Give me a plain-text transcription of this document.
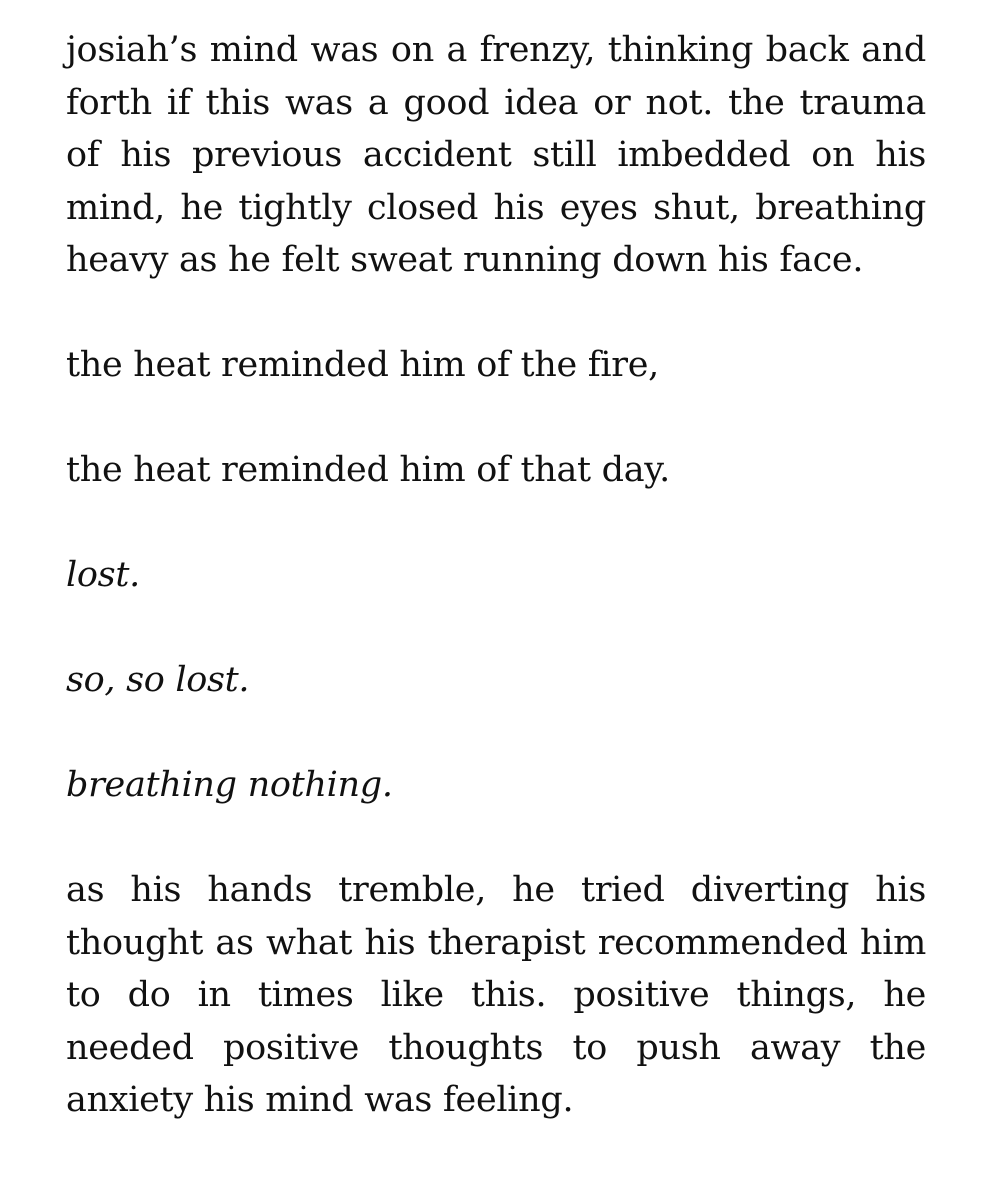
josiah’s mind was on a frenzy, thinking back and forth if this was a good idea or not. the trauma of his previous accident still imbedded on his mind, he tightly closed his eyes shut, breathing heavy as he felt sweat running down his face.

the heat reminded him of the fire,

the heat reminded him of that day.

lost.

so, so lost.

breathing nothing.

as his hands tremble, he tried diverting his thought as what his therapist recommended him to do in times like this. positive things, he needed positive thoughts to push away the anxiety his mind was feeling.
